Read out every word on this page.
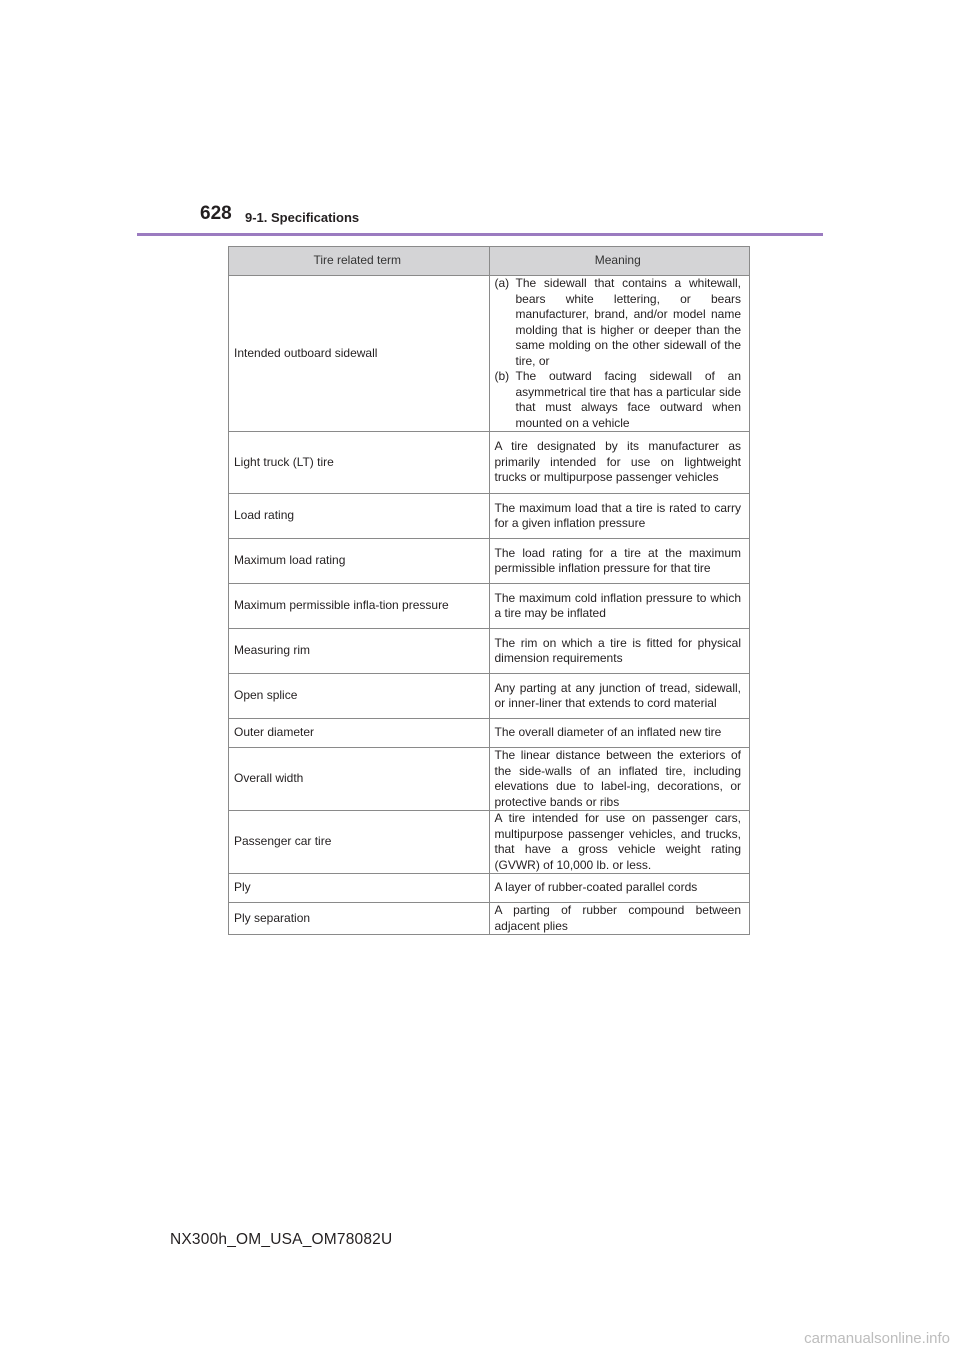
628 9-1. Specifications
Tire related term	Meaning
Intended outboard sidewall	(a) The sidewall that contains a whitewall, bears white lettering, or bears manufacturer, brand, and/or model name molding that is higher or deeper than the same molding on the other sidewall of the tire, or
(b) The outward facing sidewall of an asymmetrical tire that has a particular side that must always face outward when mounted on a vehicle

Light truck (LT) tire	A tire designated by its manufacturer as primarily intended for use on lightweight trucks or multipurpose passenger vehicles
Load rating	The maximum load that a tire is rated to carry for a given inflation pressure
Maximum load rating	The load rating for a tire at the maximum permissible inflation pressure for that tire
Maximum permissible infla-tion pressure	The maximum cold inflation pressure to which a tire may be inflated
Measuring rim	The rim on which a tire is fitted for physical dimension requirements
Open splice	Any parting at any junction of tread, sidewall, or inner-liner that extends to cord material
Outer diameter	The overall diameter of an inflated new tire
Overall width	The linear distance between the exteriors of the side-walls of an inflated tire, including elevations due to label-ing, decorations, or protective bands or ribs
Passenger car tire	A tire intended for use on passenger cars, multipurpose passenger vehicles, and trucks, that have a gross vehicle weight rating (GVWR) of 10,000 lb. or less.
Ply	A layer of rubber-coated parallel cords
Ply separation	A parting of rubber compound between adjacent plies
NX300h_OM_USA_OM78082U
carmanualsonline.info
